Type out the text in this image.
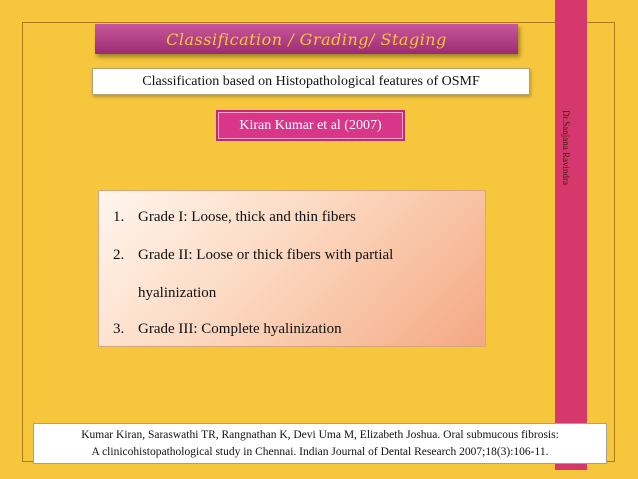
Dr.Sanjana Ravindra
Classification / Grading/ Staging
Classification based on Histopathological features of OSMF
Kiran Kumar et al (2007)
1. Grade I: Loose, thick and thin fibers
2. Grade II: Loose or thick fibers with partial
hyalinization
3. Grade III: Complete hyalinization
Kumar Kiran, Saraswathi TR, Rangnathan K, Devi Uma M, Elizabeth Joshua. Oral submucous fibrosis:
A clinicohistopathological study in Chennai. Indian Journal of Dental Research 2007;18(3):106-11.
